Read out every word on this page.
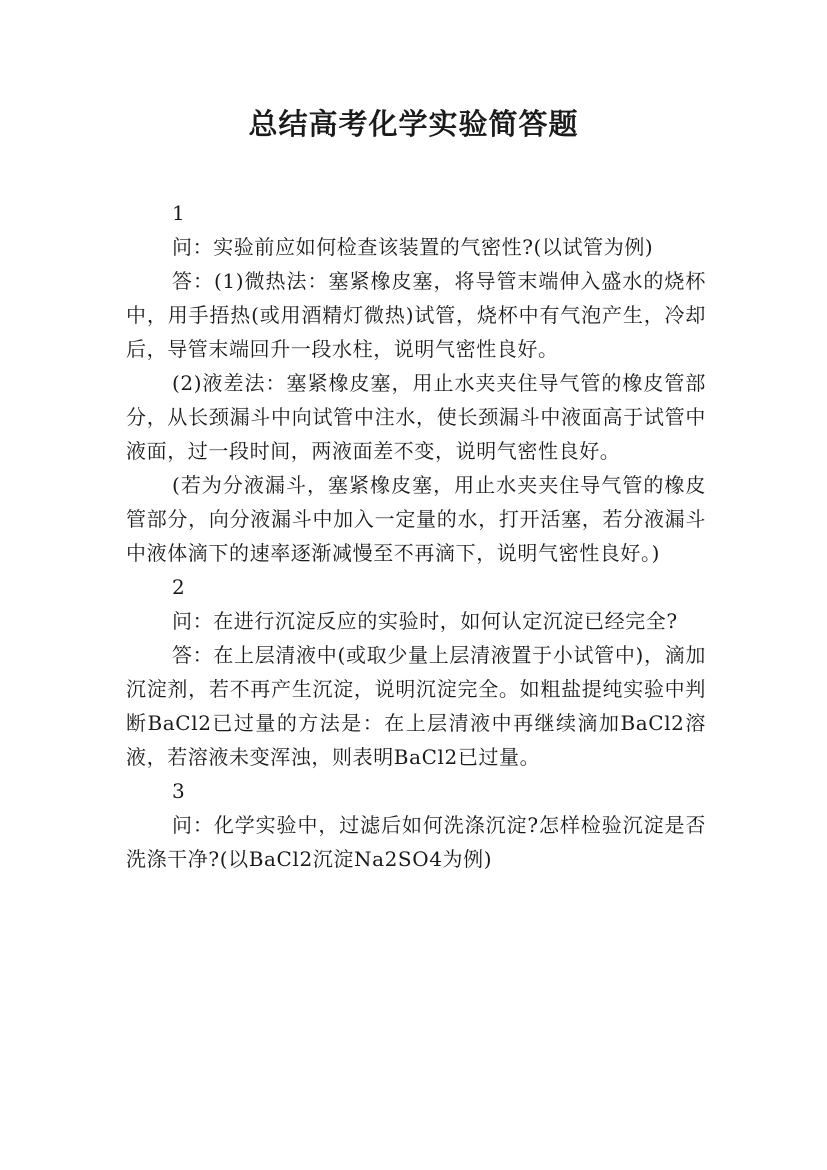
总结高考化学实验简答题

1

问：实验前应如何检查该装置的气密性?(以试管为例)

答：(1)微热法：塞紧橡皮塞，将导管末端伸入盛水的烧杯中，用手捂热(或用酒精灯微热)试管，烧杯中有气泡产生，冷却后，导管末端回升一段水柱，说明气密性良好。

(2)液差法：塞紧橡皮塞，用止水夹夹住导气管的橡皮管部分，从长颈漏斗中向试管中注水，使长颈漏斗中液面高于试管中液面，过一段时间，两液面差不变，说明气密性良好。

(若为分液漏斗，塞紧橡皮塞，用止水夹夹住导气管的橡皮管部分，向分液漏斗中加入一定量的水，打开活塞，若分液漏斗中液体滴下的速率逐渐减慢至不再滴下，说明气密性良好。)

2

问：在进行沉淀反应的实验时，如何认定沉淀已经完全?

答：在上层清液中(或取少量上层清液置于小试管中)，滴加沉淀剂，若不再产生沉淀，说明沉淀完全。如粗盐提纯实验中判断BaCl2已过量的方法是：在上层清液中再继续滴加BaCl2溶液，若溶液未变浑浊，则表明BaCl2已过量。

3

问：化学实验中，过滤后如何洗涤沉淀?怎样检验沉淀是否洗涤干净?(以BaCl2沉淀Na2SO4为例)
